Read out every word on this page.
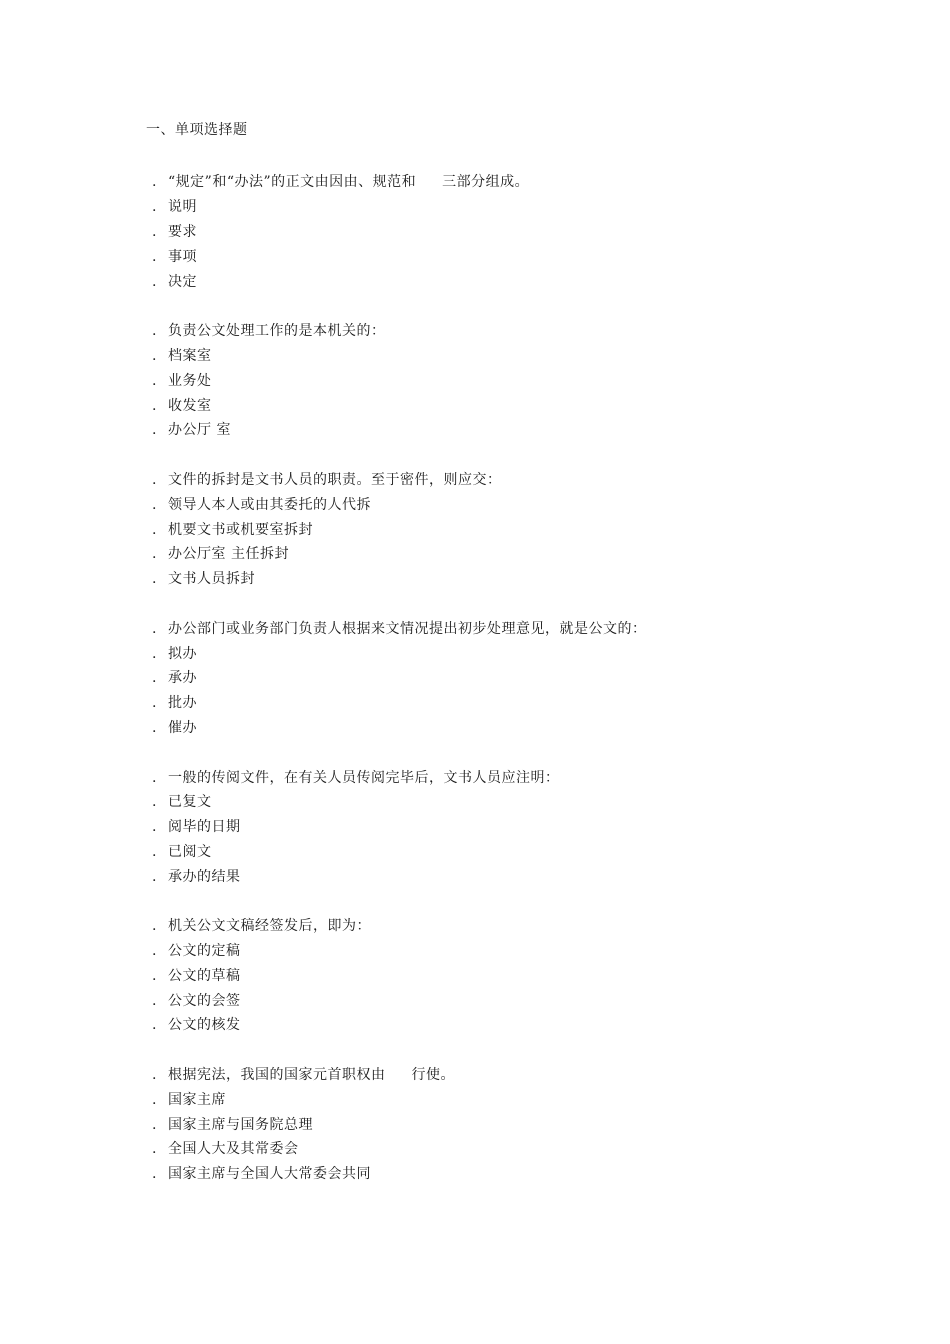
一、单项选择题
. “规定”和“办法”的正文由因由、规范和 三部分组成。
. 说明
. 要求
. 事项
. 决定
. 负责公文处理工作的是本机关的：
. 档案室
. 业务处
. 收发室
. 办公厅 室
. 文件的拆封是文书人员的职责。至于密件，则应交：
. 领导人本人或由其委托的人代拆
. 机要文书或机要室拆封
. 办公厅室 主任拆封
. 文书人员拆封
. 办公部门或业务部门负责人根据来文情况提出初步处理意见，就是公文的：
. 拟办
. 承办
. 批办
. 催办
. 一般的传阅文件，在有关人员传阅完毕后，文书人员应注明：
. 已复文
. 阅毕的日期
. 已阅文
. 承办的结果
. 机关公文文稿经签发后，即为：
. 公文的定稿
. 公文的草稿
. 公文的会签
. 公文的核发
. 根据宪法，我国的国家元首职权由 行使。
. 国家主席
. 国家主席与国务院总理
. 全国人大及其常委会
. 国家主席与全国人大常委会共同
